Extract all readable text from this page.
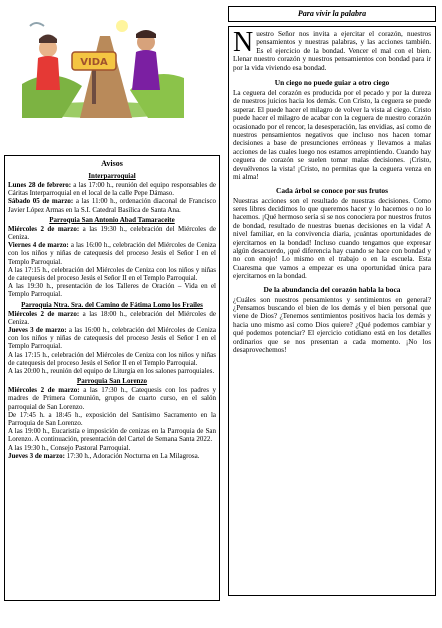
VIDA
Avisos
Interparroquial

Lunes 28 de febrero: a las 17:00 h., reunión del equipo responsables de Cáritas Interparroquial en el local de la calle Pepe Dámaso.

Sábado 05 de marzo: a las 11:00 h., ordenación diaconal de Francisco Javier López Armas en la S.I. Catedral Basílica de Santa Ana.

Parroquia San Antonio Abad Tamaraceite

Miércoles 2 de marzo: a las 19:30 h., celebración del Miércoles de Ceniza.

Viernes 4 de marzo: a las 16:00 h., celebración del Miércoles de Ceniza con los niños y niñas de catequesis del proceso Jesús el Señor I en el Templo Parroquial.

A las 17:15 h., celebración del Miércoles de Ceniza con los niños y niñas de catequesis del proceso Jesús el Señor II en el Templo Parroquial.

A las 19:30 h., presentación de los Talleres de Oración – Vida en el Templo Parroquial.

Parroquia Ntra. Sra. del Camino de Fátima Lomo los Frailes

Miércoles 2 de marzo: a las 18:00 h., celebración del Miércoles de Ceniza.

Jueves 3 de marzo: a las 16:00 h., celebración del Miércoles de Ceniza con los niños y niñas de catequesis del proceso Jesús el Señor I en el Templo Parroquial.

A las 17:15 h., celebración del Miércoles de Ceniza con los niños y niñas de catequesis del proceso Jesús el Señor II en el Templo Parroquial.

A las 20:00 h., reunión del equipo de Liturgia en los salones parroquiales.

Parroquia San Lorenzo

Miércoles 2 de marzo: a las 17:30 h., Catequesis con los padres y madres de Primera Comunión, grupos de cuarto curso, en el salón parroquial de San Lorenzo.

De 17:45 h. a 18:45 h., exposición del Santísimo Sacramento en la Parroquia de San Lorenzo.

A las 19:00 h., Eucaristía e imposición de cenizas en la Parroquia de San Lorenzo. A continuación, presentación del Cartel de Semana Santa 2022.

A las 19:30 h., Consejo Pastoral Parroquial.

Jueves 3 de marzo: 17:30 h., Adoración Nocturna en La Milagrosa.

Para vivir la palabra

Nuestro Señor nos invita a ejercitar el corazón, nuestros pensamientos y nuestras palabras, y las acciones también. Es el ejercicio de la bondad. Vencer el mal con el bien. Llenar nuestro corazón y nuestros pensamientos con bondad para ir por la vida viviendo esa bondad.

Un ciego no puede guiar a otro ciego

La ceguera del corazón es producida por el pecado y por la dureza de nuestros juicios hacia los demás. Con Cristo, la ceguera se puede superar. El puede hacer el milagro de volver la vista al ciego. Cristo puede hacer el milagro de acabar con la ceguera de nuestro corazón ocasionado por el rencor, la desesperación, las envidias, así como de nuestros pensamientos negativos que incluso nos hacen tomar decisiones a base de presunciones erróneas y llevamos a malas acciones de las cuales luego nos estamos arrepintiendo. Cuando hay ceguera de corazón se suelen tomar malas decisiones. ¡Cristo, devuélvenos la vista! ¡Cristo, no permitas que la ceguera venza en mi alma!

Cada árbol se conoce por sus frutos

Nuestras acciones son el resultado de nuestras decisiones. Como seres libres decidimos lo que queremos hacer y lo hacemos o no lo hacemos. ¡Qué hermoso sería si se nos conociera por nuestros frutos de bondad, resultado de nuestras buenas decisiones en la vida! A nivel familiar, en la convivencia diaria, ¡cuántas oportunidades de ejercitarnos en la bondad! Incluso cuando tengamos que expresar algún desacuerdo, ¡qué diferencia hay cuando se hace con bondad y no con enojo! Lo mismo en el trabajo o en la escuela. Esta Cuaresma que vamos a empezar es una oportunidad única para ejercitarnos en la bondad.

De la abundancia del corazón habla la boca

¿Cuáles son nuestros pensamientos y sentimientos en general? ¿Pensamos buscando el bien de los demás y el bien personal que viene de Dios? ¿Tenemos sentimientos positivos hacia los demás y hacia uno mismo así como Dios quiere? ¿Qué podemos cambiar y qué podemos potenciar? El ejercicio cotidiano está en los detalles ordinarios que se nos presentan a cada momento. ¡No los desaprovechemos!
